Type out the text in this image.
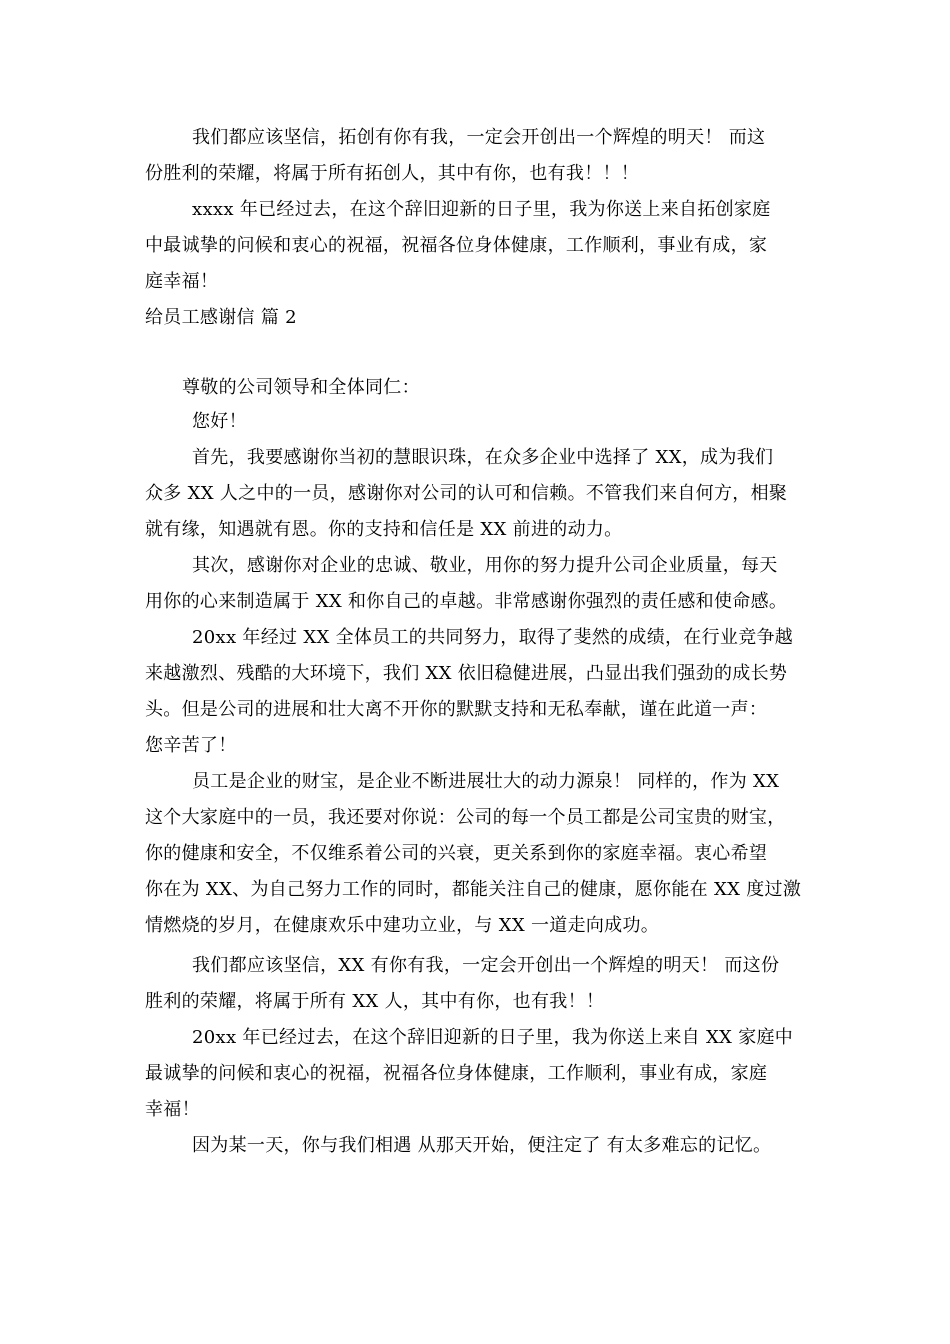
我们都应该坚信，拓创有你有我，一定会开创出一个辉煌的明天！ 而这
份胜利的荣耀，将属于所有拓创人，其中有你，也有我！！！
xxxx 年已经过去，在这个辞旧迎新的日子里，我为你送上来自拓创家庭
中最诚挚的问候和衷心的祝福，祝福各位身体健康，工作顺利，事业有成，家
庭幸福！
给员工感谢信 篇 2
尊敬的公司领导和全体同仁：
您好！
首先，我要感谢你当初的慧眼识珠，在众多企业中选择了 XX，成为我们
众多 XX 人之中的一员，感谢你对公司的认可和信赖。不管我们来自何方，相聚
就有缘，知遇就有恩。你的支持和信任是 XX 前进的动力。
其次，感谢你对企业的忠诚、敬业，用你的努力提升公司企业质量，每天
用你的心来制造属于 XX 和你自己的卓越。非常感谢你强烈的责任感和使命感。
20xx 年经过 XX 全体员工的共同努力，取得了斐然的成绩，在行业竞争越
来越激烈、残酷的大环境下，我们 XX 依旧稳健进展，凸显出我们强劲的成长势
头。但是公司的进展和壮大离不开你的默默支持和无私奉献，谨在此道一声：
您辛苦了！
员工是企业的财宝，是企业不断进展壮大的动力源泉！ 同样的，作为 XX
这个大家庭中的一员，我还要对你说：公司的每一个员工都是公司宝贵的财宝，
你的健康和安全，不仅维系着公司的兴衰，更关系到你的家庭幸福。衷心希望
你在为 XX、为自己努力工作的同时，都能关注自己的健康，愿你能在 XX 度过激
情燃烧的岁月，在健康欢乐中建功立业，与 XX 一道走向成功。
我们都应该坚信，XX 有你有我，一定会开创出一个辉煌的明天！ 而这份
胜利的荣耀，将属于所有 XX 人，其中有你，也有我！！
20xx 年已经过去，在这个辞旧迎新的日子里，我为你送上来自 XX 家庭中
最诚挚的问候和衷心的祝福，祝福各位身体健康，工作顺利，事业有成，家庭
幸福！
因为某一天，你与我们相遇 从那天开始，便注定了 有太多难忘的记忆。
